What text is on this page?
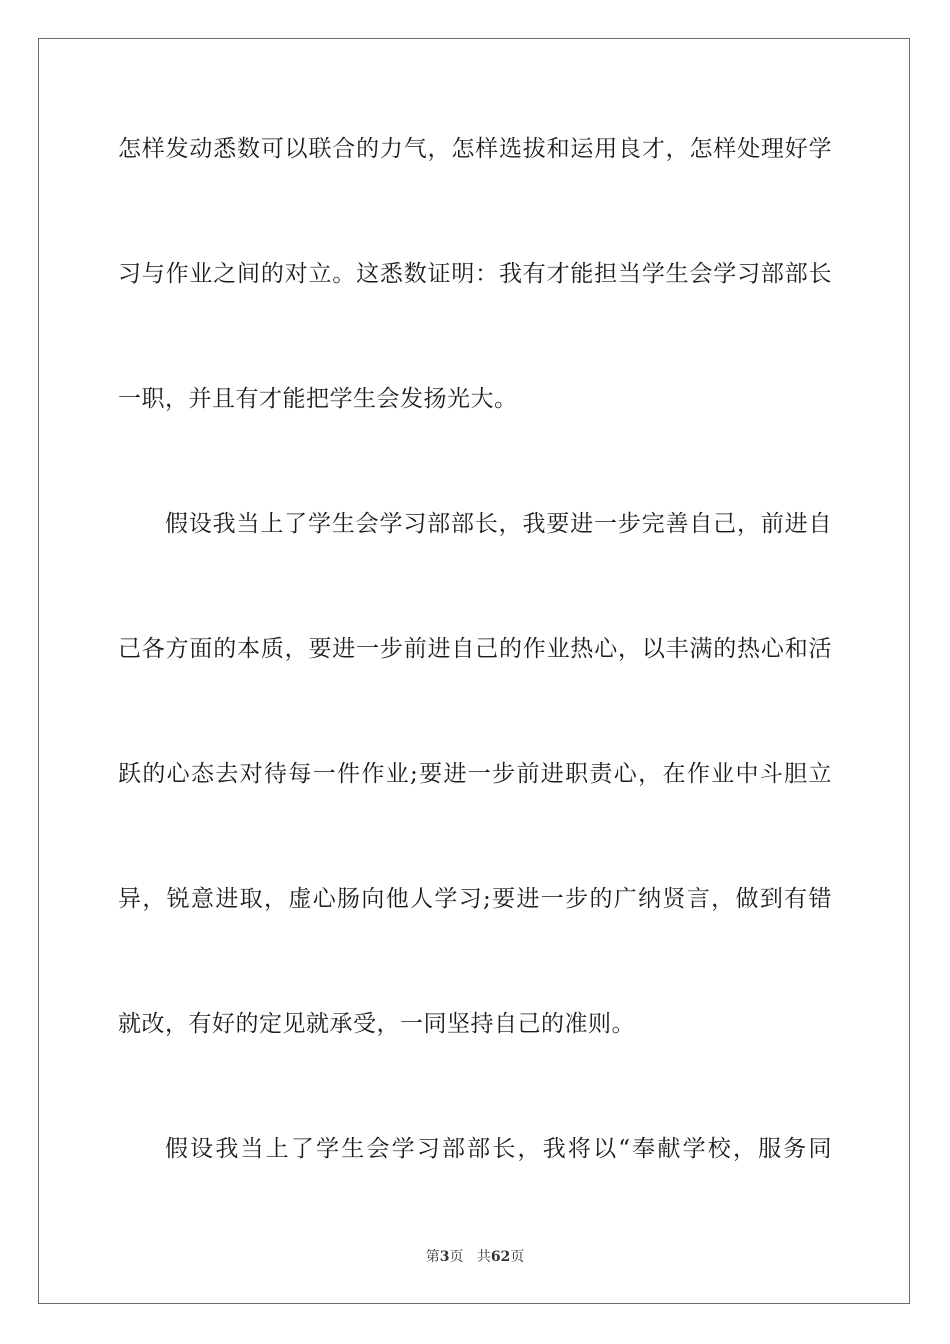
怎样发动悉数可以联合的力气，怎样选拔和运用良才，怎样处理好学
习与作业之间的对立。这悉数证明：我有才能担当学生会学习部部长
一职，并且有才能把学生会发扬光大。
假设我当上了学生会学习部部长，我要进一步完善自己，前进自
己各方面的本质，要进一步前进自己的作业热心，以丰满的热心和活
跃的心态去对待每一件作业;要进一步前进职责心，在作业中斗胆立
异，锐意进取，虚心肠向他人学习;要进一步的广纳贤言，做到有错
就改，有好的定见就承受，一同坚持自己的准则。
假设我当上了学生会学习部部长，我将以“奉献学校，服务同
第3页 共62页
